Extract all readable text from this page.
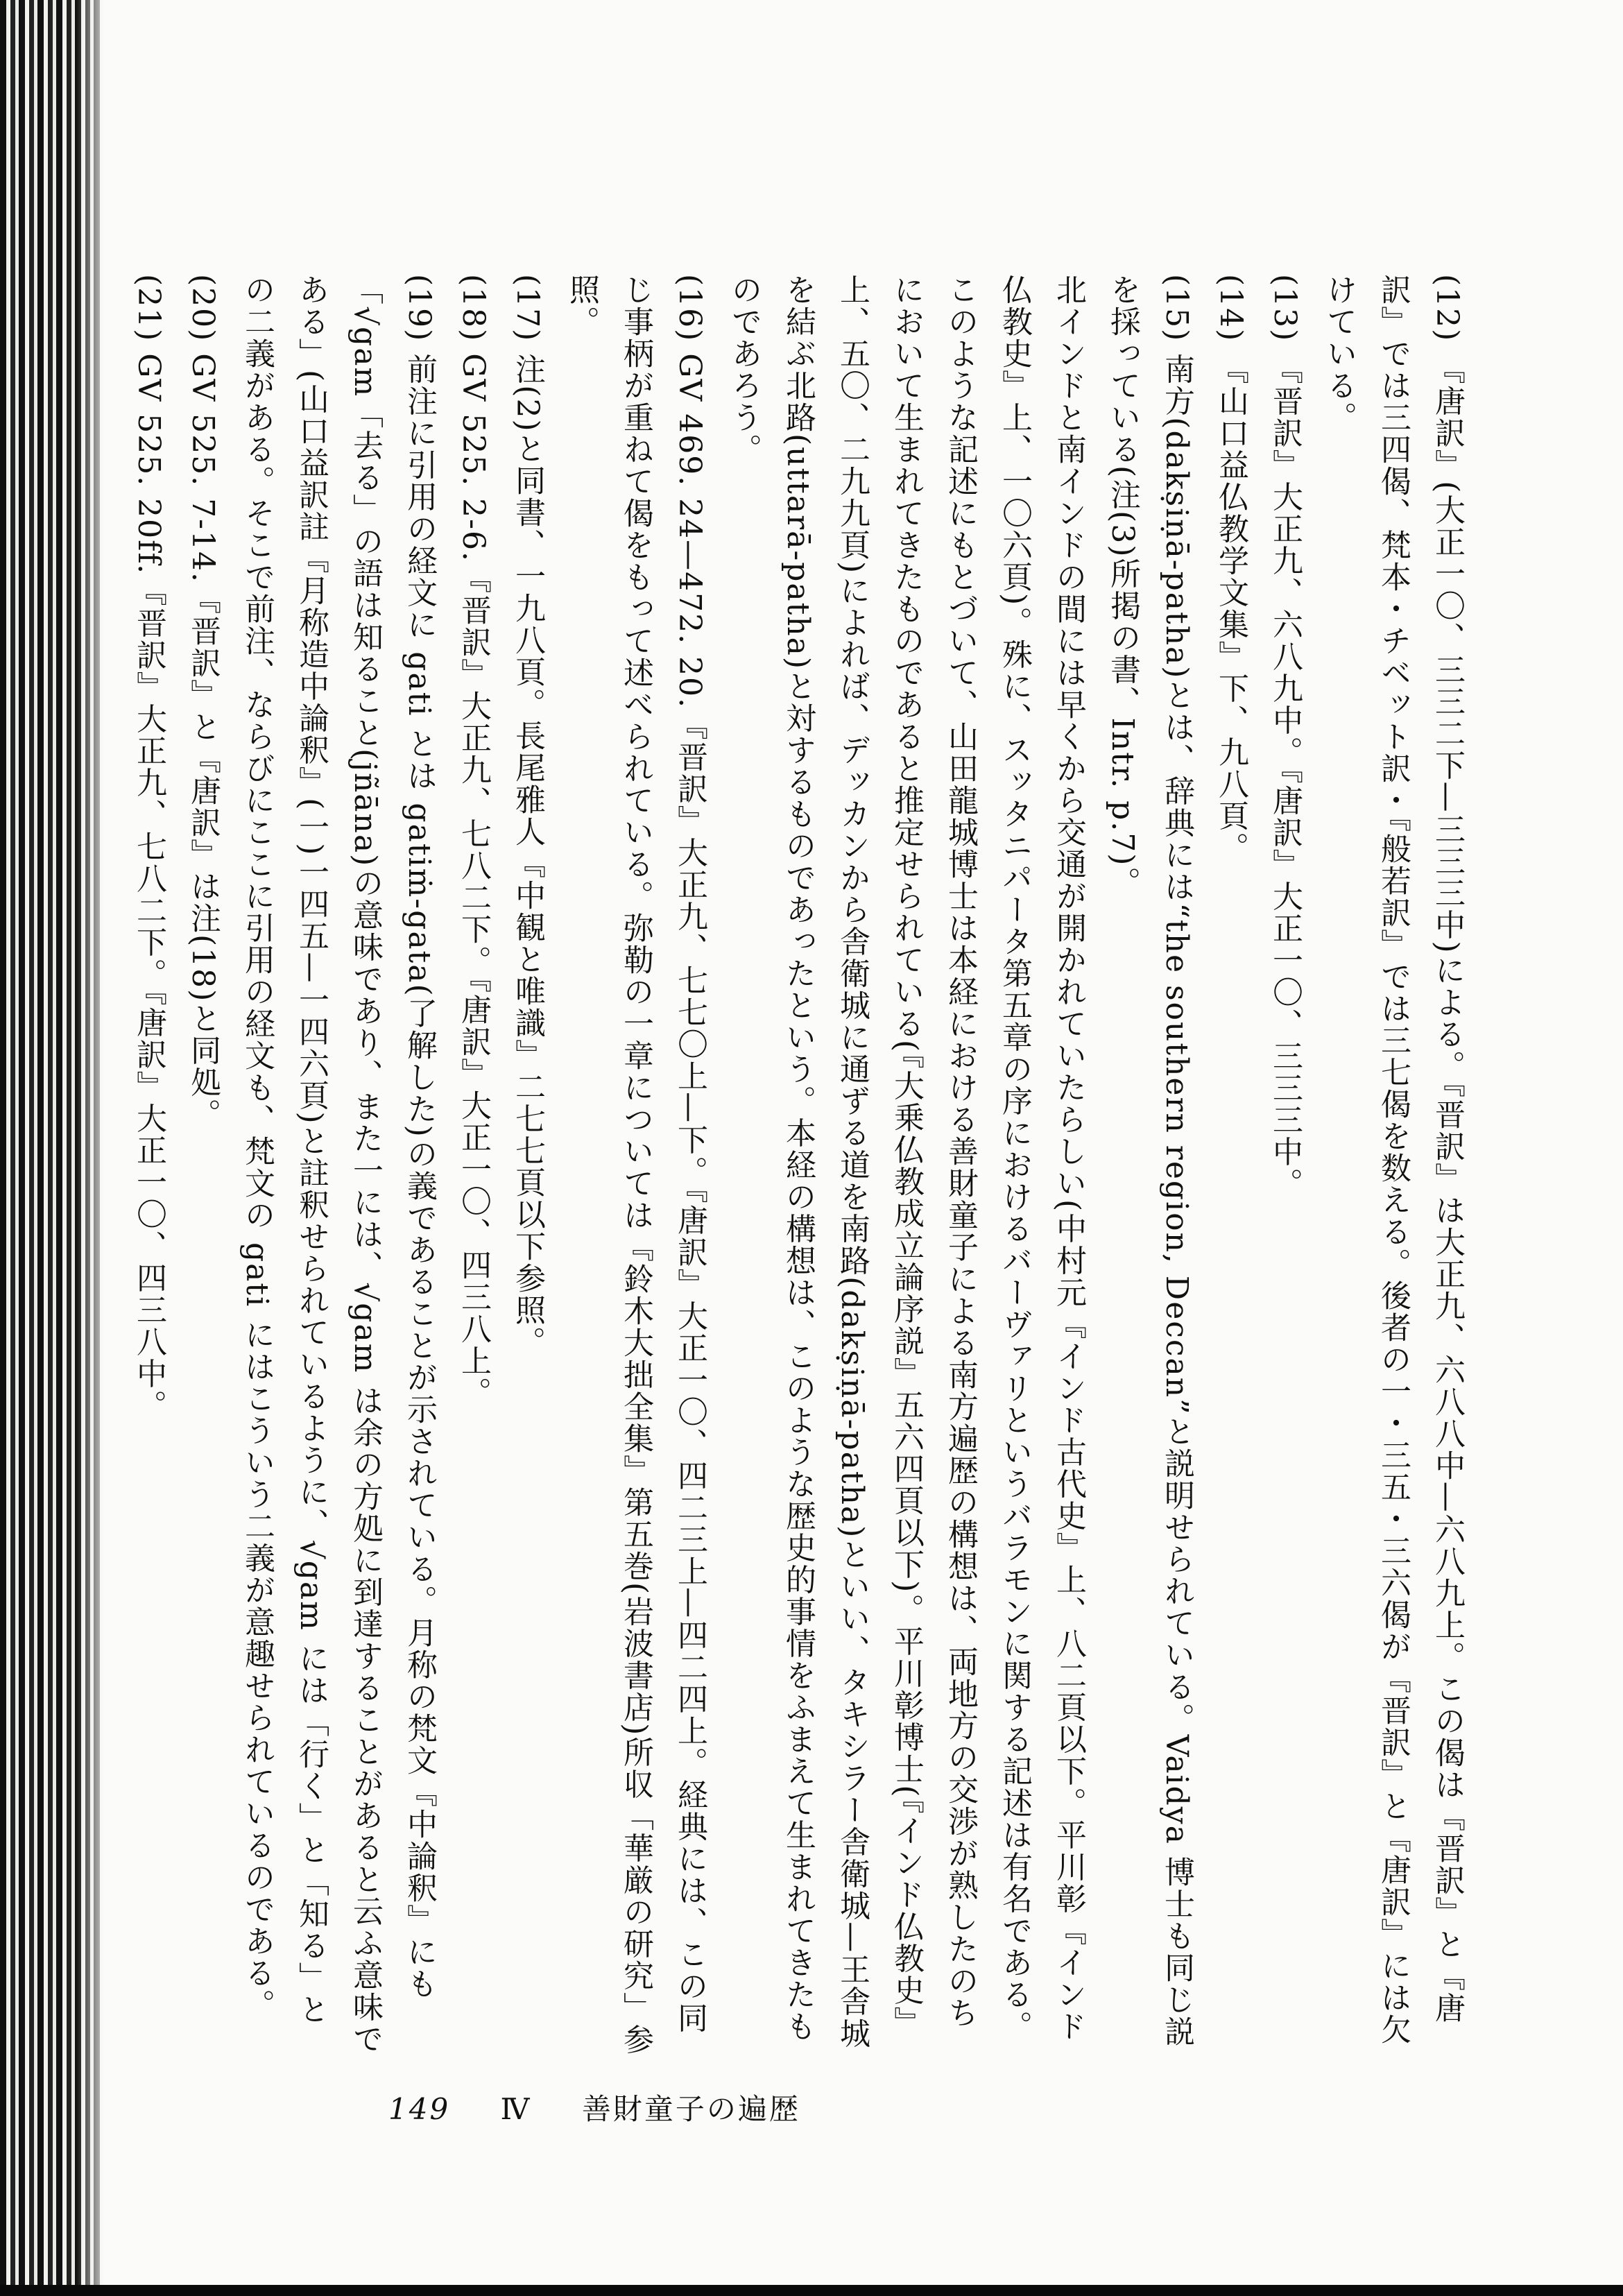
(12) 『唐訳』(大正一〇、三三二下—三三三中)による。『晋訳』は大正九、六八八中—六八九上。この偈は『晋訳』と『唐訳』では三四偈、梵本・チベット訳・『般若訳』では三七偈を数える。後者の一・三五・三六偈が『晋訳』と『唐訳』には欠けている。

(13) 『晋訳』大正九、六八九中。『唐訳』大正一〇、三三三中。

(14) 『山口益仏教学文集』下、九八頁。

(15) 南方(dakṣiṇā-patha)とは、辞典には“the southern region, Deccan”と説明せられている。Vaidya 博士も同じ説を採っている(注(3)所掲の書、Intr. p.7)。

北インドと南インドの間には早くから交通が開かれていたらしい(中村元『インド古代史』上、八二頁以下。平川彰『インド仏教史』上、一〇六頁)。殊に、スッタニパータ第五章の序におけるバーヴァリというバラモンに関する記述は有名である。このような記述にもとづいて、山田龍城博士は本経における善財童子による南方遍歴の構想は、両地方の交渉が熟したのちにおいて生まれてきたものであると推定せられている(『大乗仏教成立論序説』五六四頁以下)。平川彰博士(『インド仏教史』上、五〇、二九九頁)によれば、デッカンから舎衛城に通ずる道を南路(dakṣiṇā-patha)といい、タキシラー舎衛城—王舎城を結ぶ北路(uttarā-patha)と対するものであったという。本経の構想は、このような歴史的事情をふまえて生まれてきたものであろう。

(16) GV 469. 24—472. 20.『晋訳』大正九、七七〇上—下。『唐訳』大正一〇、四二三上—四二四上。経典には、この同じ事柄が重ねて偈をもって述べられている。弥勒の一章については『鈴木大拙全集』第五巻(岩波書店)所収「華厳の研究」参照。

(17) 注(2)と同書、一九八頁。長尾雅人『中観と唯識』二七七頁以下参照。

(18) GV 525. 2-6.『晋訳』大正九、七八二下。『唐訳』大正一〇、四三八上。

(19) 前注に引用の経文に gati とは gatiṁ-gata(了解した)の義であることが示されている。月称の梵文『中論釈』にも「√gam「去る」の語は知ること(jñāna)の意味であり、また一には、√gam は余の方処に到達することがあると云ふ意味である」(山口益訳註『月称造中論釈』(一)一四五—一四六頁)と註釈せられているように、√gam には「行く」と「知る」との二義がある。そこで前注、ならびにここに引用の経文も、梵文の gati にはこういう二義が意趣せられているのである。

(20) GV 525. 7-14.『晋訳』と『唐訳』は注(18)と同処。

(21) GV 525. 20ff.『晋訳』大正九、七八二下。『唐訳』大正一〇、四三八中。

149 Ⅳ 善財童子の遍歴
